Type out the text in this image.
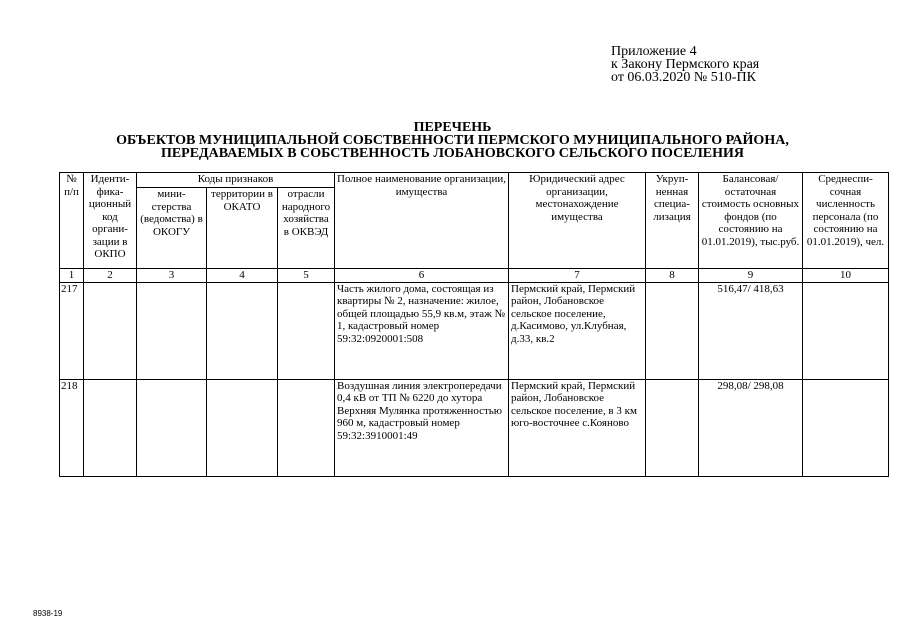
Приложение 4
к Закону Пермского края
от 06.03.2020 № 510-ПК
ПЕРЕЧЕНЬ
ОБЪЕКТОВ МУНИЦИПАЛЬНОЙ СОБСТВЕННОСТИ ПЕРМСКОГО МУНИЦИПАЛЬНОГО РАЙОНА,
ПЕРЕДАВАЕМЫХ В СОБСТВЕННОСТЬ ЛОБАНОВСКОГО СЕЛЬСКОГО ПОСЕЛЕНИЯ
№ п/п	Иденти-фика-ционный код органи-зации в ОКПО	Коды признаков			Полное наименование организации, имущества	Юридический адрес организации, местонахождение имущества	Укруп-ненная специа-лизация	Балансовая/ остаточная стоимость основных фондов (по состоянию на 01.01.2019), тыс.руб.	Среднеспи-сочная численность персонала (по состоянию на 01.01.2019), чел.
		мини-стерства (ведомства) в ОКОГУ	территории в ОКАТО	отрасли народного хозяйства в ОКВЭД					
1	2	3	4	5	6	7	8	9	10
217					Часть жилого дома, состоящая из квартиры № 2, назначение: жилое, общей площадью 55,9 кв.м, этаж № 1, кадастровый номер 59:32:0920001:508	Пермский край, Пермский район, Лобановское сельское поселение, д.Касимово, ул.Клубная, д.33, кв.2		516,47/ 418,63	
218					Воздушная линия электропередачи 0,4 кВ от ТП № 6220 до хутора Верхняя Мулянка протяженностью 960 м, кадастровый номер 59:32:3910001:49	Пермский край, Пермский район, Лобановское сельское поселение, в 3 км юго-восточнее с.Кояново		298,08/ 298,08	
8938-19
